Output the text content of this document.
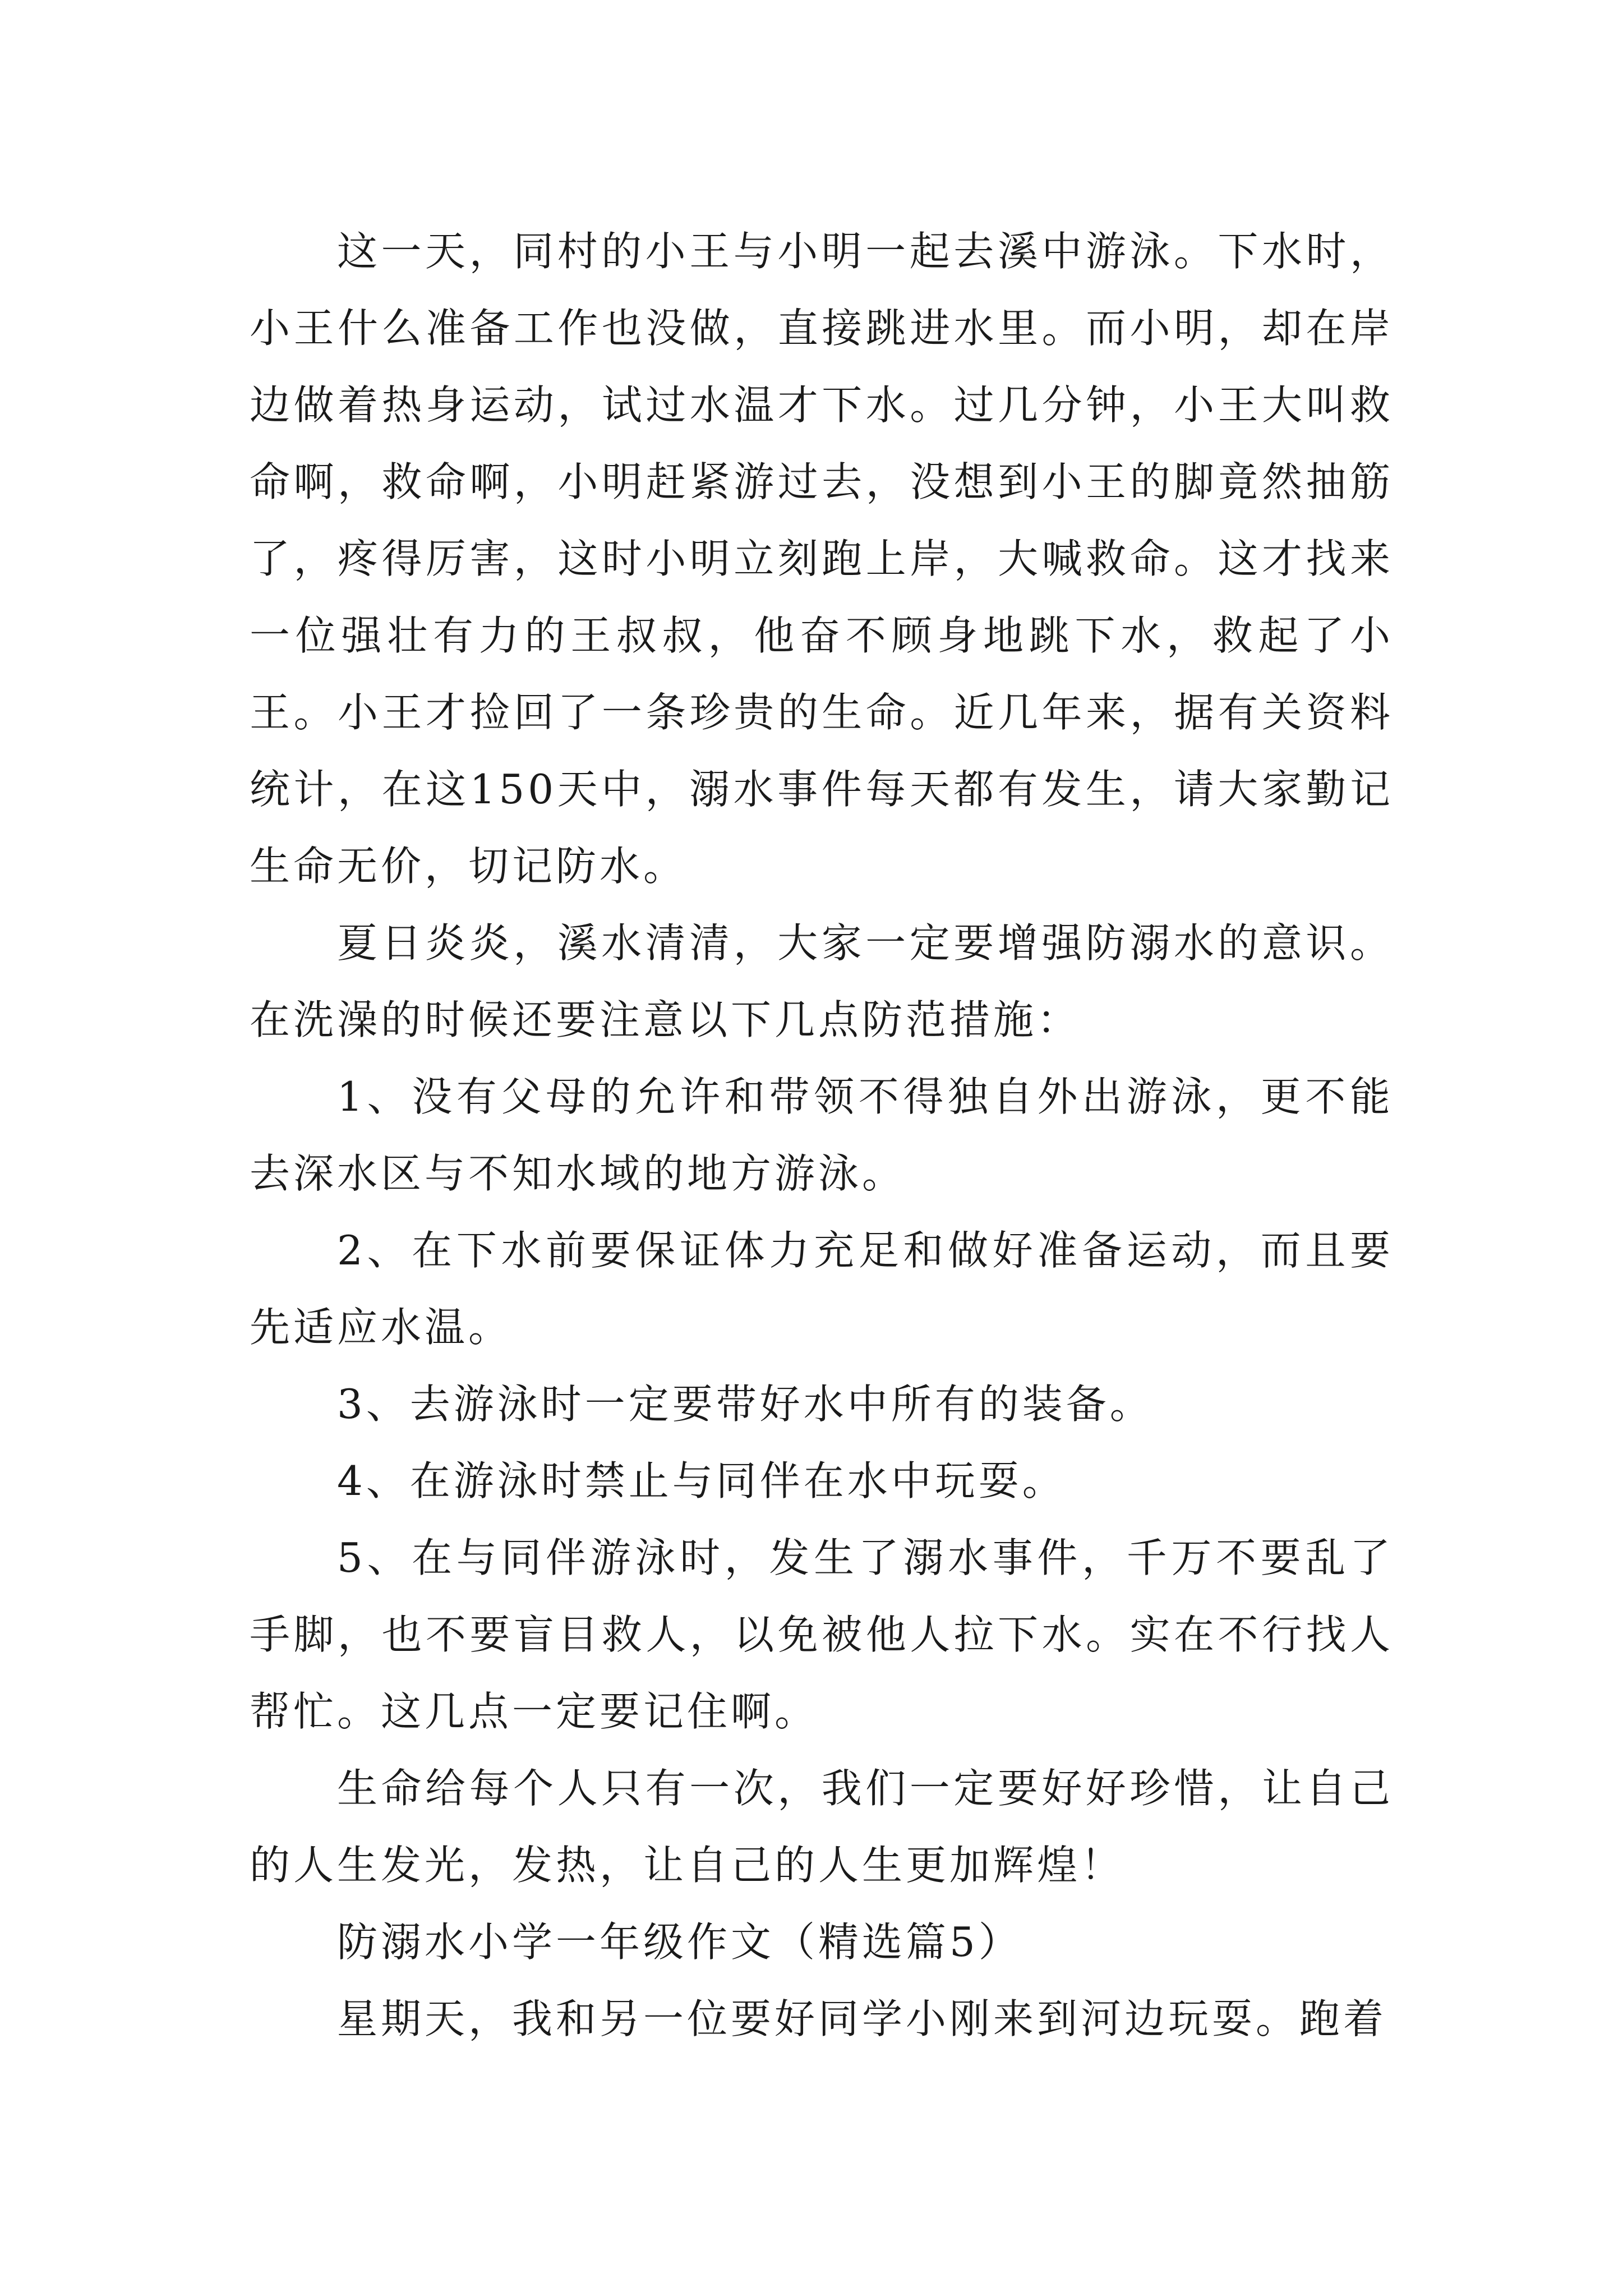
这一天，同村的小王与小明一起去溪中游泳。下水时，小王什么准备工作也没做，直接跳进水里。而小明，却在岸边做着热身运动，试过水温才下水。过几分钟，小王大叫救命啊，救命啊，小明赶紧游过去，没想到小王的脚竟然抽筋了，疼得厉害，这时小明立刻跑上岸，大喊救命。这才找来一位强壮有力的王叔叔，他奋不顾身地跳下水，救起了小王。小王才捡回了一条珍贵的生命。近几年来，据有关资料统计，在这150天中，溺水事件每天都有发生，请大家勤记生命无价，切记防水。

夏日炎炎，溪水清清，大家一定要增强防溺水的意识。在洗澡的时候还要注意以下几点防范措施：

1、没有父母的允许和带领不得独自外出游泳，更不能去深水区与不知水域的地方游泳。

2、在下水前要保证体力充足和做好准备运动，而且要先适应水温。

3、去游泳时一定要带好水中所有的装备。

4、在游泳时禁止与同伴在水中玩耍。

5、在与同伴游泳时，发生了溺水事件，千万不要乱了手脚，也不要盲目救人，以免被他人拉下水。实在不行找人帮忙。这几点一定要记住啊。

生命给每个人只有一次，我们一定要好好珍惜，让自己的人生发光，发热，让自己的人生更加辉煌！

防溺水小学一年级作文（精选篇5）

星期天，我和另一位要好同学小刚来到河边玩耍。跑着
